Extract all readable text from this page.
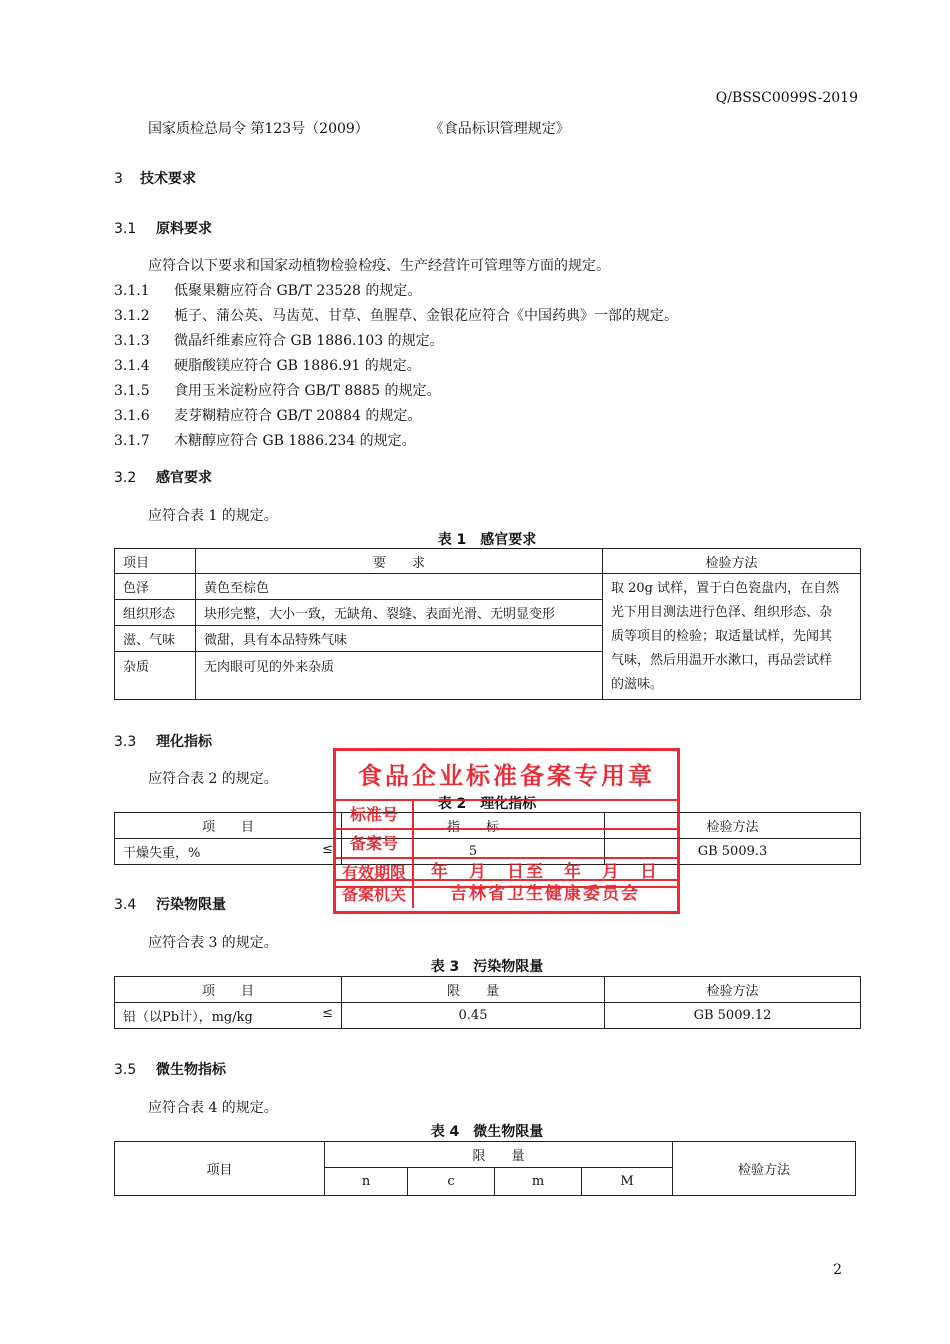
Q/BSSC0099S-2019
国家质检总局令 第123号（2009）	《食品标识管理规定》
3 技术要求
3.1 原料要求
应符合以下要求和国家动植物检验检疫、生产经营许可管理等方面的规定。
3.1.1 低聚果糖应符合 GB/T 23528 的规定。
3.1.2 栀子、蒲公英、马齿苋、甘草、鱼腥草、金银花应符合《中国药典》一部的规定。
3.1.3 微晶纤维素应符合 GB 1886.103 的规定。
3.1.4 硬脂酸镁应符合 GB 1886.91 的规定。
3.1.5 食用玉米淀粉应符合 GB/T 8885 的规定。
3.1.6 麦芽糊精应符合 GB/T 20884 的规定。
3.1.7 木糖醇应符合 GB 1886.234 的规定。
3.2 感官要求
应符合表 1 的规定。
表 1　感官要求
项目	要　　求	检验方法
色泽	黄色至棕色	取 20g 试样，置于白色瓷盘内，在自然
光下用目测法进行色泽、组织形态、杂
质等项目的检验；取适量试样，先闻其
气味，然后用温开水漱口，再品尝试样
的滋味。

组织形态	块形完整，大小一致，无缺角、裂缝、表面光滑、无明显变形	
滋、气味	微甜，具有本品特殊气味	
杂质	无肉眼可见的外来杂质	
3.3 理化指标
应符合表 2 的规定。
表 2　理化指标
项　　目	指　　标	检验方法
干燥失重，% ≤	5	GB 5009.3
3.4 污染物限量
应符合表 3 的规定。
表 3　污染物限量
项　　目	限　　量	检验方法
铅（以Pb计），mg/kg ≤	0.45	GB 5009.12
3.5 微生物指标
应符合表 4 的规定。
表 4　微生物限量
项目	限　　量				检验方法
	n	c	m	M	
食品企业标准备案专用章
标准号
备案号
有效期限	年　月　日至　年　月　日
备案机关	吉林省卫生健康委员会
2
